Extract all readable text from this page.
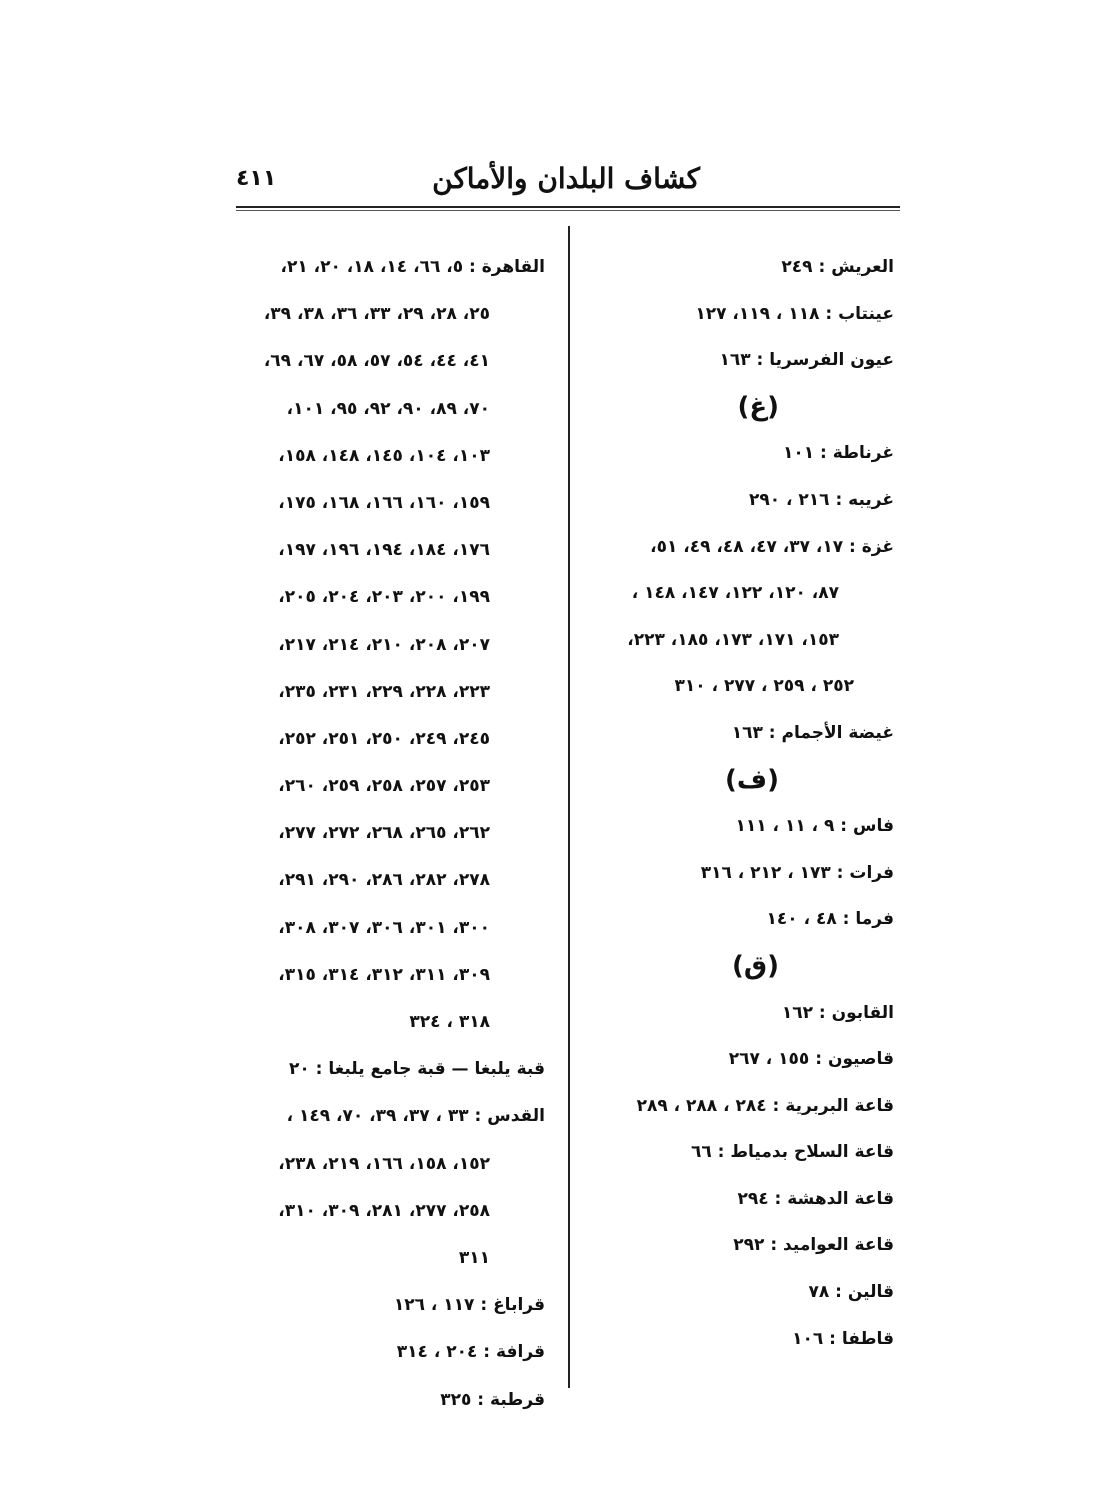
كشاف البلدان والأماكن
٤١١
العريش : ٢٤٩
عينتاب : ١١٨ ، ١١٩، ١٢٧
عيون الفرسريا : ١٦٣
(غ)
غرناطة : ١٠١
غريبه : ٢١٦ ، ٢٩٠
غزة : ١٧، ٣٧، ٤٧، ٤٨، ٤٩، ٥١،
٨٧، ١٢٠، ١٢٢، ١٤٧، ١٤٨ ،
١٥٣، ١٧١، ١٧٣، ١٨٥، ٢٢٣،
٢٥٢ ، ٢٥٩ ، ٢٧٧ ، ٣١٠
غيضة الأجمام : ١٦٣
(ف)
فاس : ٩ ، ١١ ، ١١١
فرات : ١٧٣ ، ٢١٢ ، ٣١٦
فرما : ٤٨ ، ١٤٠
(ق)
القابون : ١٦٢
قاصيون : ١٥٥ ، ٢٦٧
قاعة البربرية : ٢٨٤ ، ٢٨٨ ، ٢٨٩
قاعة السلاح بدمياط : ٦٦
قاعة الدهشة : ٢٩٤
قاعة العواميد : ٢٩٢
قالين : ٧٨
قاطفا : ١٠٦
القاهرة : ٥، ٦٦، ١٤، ١٨، ٢٠، ٢١،
٢٥، ٢٨، ٢٩، ٣٣، ٣٦، ٣٨، ٣٩،
٤١، ٤٤، ٥٤، ٥٧، ٥٨، ٦٧، ٦٩،
٧٠، ٨٩، ٩٠، ٩٢، ٩٥، ١٠١،
١٠٣، ١٠٤، ١٤٥، ١٤٨، ١٥٨،
١٥٩، ١٦٠، ١٦٦، ١٦٨، ١٧٥،
١٧٦، ١٨٤، ١٩٤، ١٩٦، ١٩٧،
١٩٩، ٢٠٠، ٢٠٣، ٢٠٤، ٢٠٥،
٢٠٧، ٢٠٨، ٢١٠، ٢١٤، ٢١٧،
٢٢٣، ٢٢٨، ٢٢٩، ٢٣١، ٢٣٥،
٢٤٥، ٢٤٩، ٢٥٠، ٢٥١، ٢٥٢،
٢٥٣، ٢٥٧، ٢٥٨، ٢٥٩، ٢٦٠،
٢٦٢، ٢٦٥، ٢٦٨، ٢٧٢، ٢٧٧،
٢٧٨، ٢٨٢، ٢٨٦، ٢٩٠، ٢٩١،
٣٠٠، ٣٠١، ٣٠٦، ٣٠٧، ٣٠٨،
٣٠٩، ٣١١، ٣١٢، ٣١٤، ٣١٥،
٣١٨ ، ٣٢٤
قبة يلبغا — قبة جامع يلبغا : ٢٠
القدس : ٣٣ ، ٣٧، ٣٩، ٧٠، ١٤٩ ،
١٥٢، ١٥٨، ١٦٦، ٢١٩، ٢٣٨،
٢٥٨، ٢٧٧، ٢٨١، ٣٠٩، ٣١٠،
٣١١
قراباغ : ١١٧ ، ١٢٦
قرافة : ٢٠٤ ، ٣١٤
قرطبة : ٣٢٥
